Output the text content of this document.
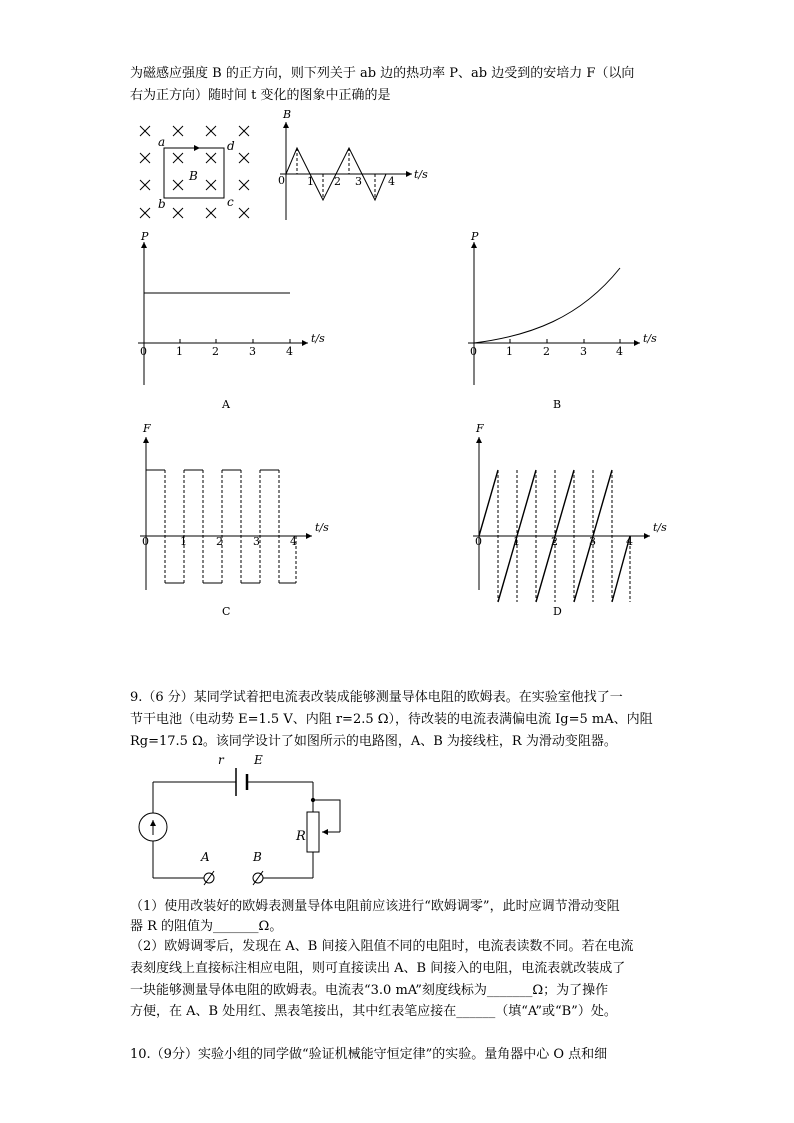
为磁感应强度 B 的正方向，则下列关于 ab 边的热功率 P、ab 边受到的安培力 F（以向
右为正方向）随时间 t 变化的图象中正确的是
9.（6 分）某同学试着把电流表改装成能够测量导体电阻的欧姆表。在实验室他找了一
节干电池（电动势 E=1.5 V、内阻 r=2.5 Ω），待改装的电流表满偏电流 Ig=5 mA、内阻
Rg=17.5 Ω。该同学设计了如图所示的电路图，A、B 为接线柱，R 为滑动变阻器。
（1）使用改装好的欧姆表测量导体电阻前应该进行“欧姆调零”，此时应调节滑动变阻
器 R 的阻值为_______Ω。
（2）欧姆调零后，发现在 A、B 间接入阻值不同的电阻时，电流表读数不同。若在电流
表刻度线上直接标注相应电阻，则可直接读出 A、B 间接入的电阻，电流表就改装成了
一块能够测量导体电阻的欧姆表。电流表“3.0 mA”刻度线标为_______Ω；为了操作
方便，在 A、B 处用红、黑表笔接出，其中红表笔应接在______（填“A”或“B”）处。
10.（9分）实验小组的同学做“验证机械能守恒定律”的实验。量角器中心 O 点和细
a	d
b	c
B
B
t/s
0 1 2 3 4
P
t/s
0	1	2	3	4
A
P
t/s
0	1	2	3	4
B
F
t/s
0	1	2	3	4
C
F
t/s
0	1	2	3	4
D
r	E
R
A	B
